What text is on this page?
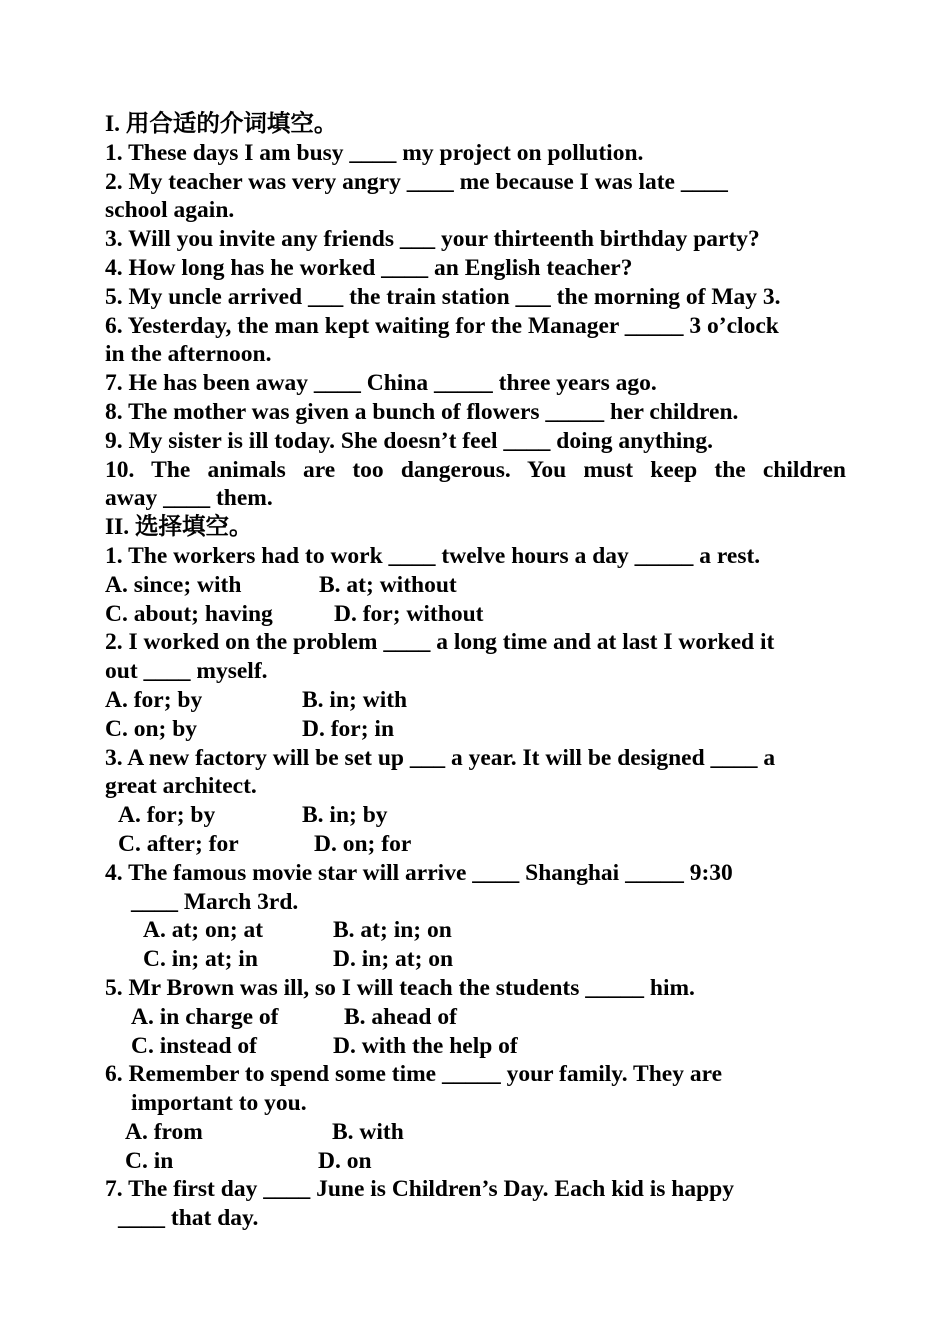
I. 用合适的介词填空。
1. These days I am busy ____ my project on pollution.
2. My teacher was very angry ____ me because I was late ____
school again.
3. Will you invite any friends ___ your thirteenth birthday party?
4. How long has he worked ____ an English teacher?
5. My uncle arrived ___ the train station ___ the morning of May 3.
6. Yesterday, the man kept waiting for the Manager _____ 3 o’clock
in the afternoon.
7. He has been away ____ China _____ three years ago.
8. The mother was given a bunch of flowers _____ her children.
9. My sister is ill today. She doesn’t feel ____ doing anything.
10. The animals are too dangerous. You must keep the children
away ____ them.
II. 选择填空。
1. The workers had to work ____ twelve hours a day _____ a rest.

A. since; with

	B. at; without

C. about; having

	D. for; without

2. I worked on the problem ____ a long time and at last I worked it
out ____ myself.

A. for; by

	B. in; with

C. on; by

	D. for; in

3. A new factory will be set up ___ a year. It will be designed ____ a
great architect.

A. for; by

	B. in; by

C. after; for

	D. on; for

4. The famous movie star will arrive ____ Shanghai _____ 9:30
____ March 3rd.

A. at; on; at

	B. at; in; on

C. in; at; in

	D. in; at; on

5. Mr Brown was ill, so I will teach the students _____ him.

A. in charge of

	B. ahead of

C. instead of

	D. with the help of

6. Remember to spend some time _____ your family. They are
important to you.

A. from

	B. with

C. in

	D. on

7. The first day ____ June is Children’s Day. Each kid is happy
____ that day.
